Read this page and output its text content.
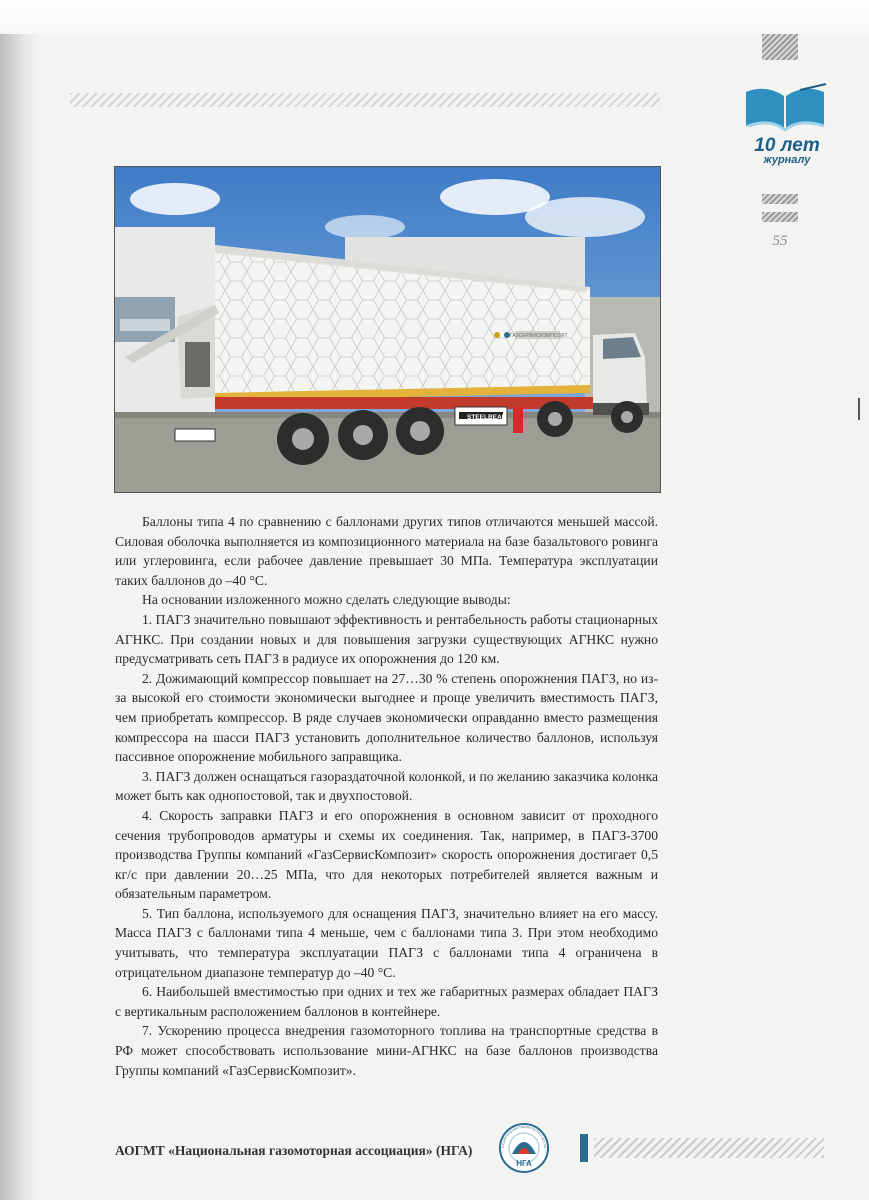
10 лет
журналу
55
STEELBEAR
ГАЗСЕРВИСКОМПОЗИТ

Баллоны типа 4 по сравнению с баллонами других типов отличаются меньшей массой. Силовая оболочка выполняется из композиционного материала на базе базальтового ровинга или углеровинга, если рабочее давление превышает 30 МПа. Температура эксплуатации таких баллонов до –40 °С.

На основании изложенного можно сделать следующие выводы:

1. ПАГЗ значительно повышают эффективность и рентабельность работы стационарных АГНКС. При создании новых и для повышения загрузки существующих АГНКС нужно предусматривать сеть ПАГЗ в радиусе их опорожнения до 120 км.

2. Дожимающий компрессор повышает на 27…30 % степень опорожнения ПАГЗ, но из-за высокой его стоимости экономически выгоднее и проще увеличить вместимость ПАГЗ, чем приобретать компрессор. В ряде случаев экономически оправданно вместо размещения компрессора на шасси ПАГЗ установить дополнительное количество баллонов, используя пассивное опорожнение мобильного заправщика.

3. ПАГЗ должен оснащаться газораздаточной колонкой, и по желанию заказчика колонка может быть как однопостовой, так и двухпостовой.

4. Скорость заправки ПАГЗ и его опорожнения в основном зависит от проходного сечения трубопроводов арматуры и схемы их соединения. Так, например, в ПАГЗ-3700 производства Группы компаний «ГазСервисКомпозит» скорость опорожнения достигает 0,5 кг/с при давлении 20…25 МПа, что для некоторых потребителей является важным и обязательным параметром.

5. Тип баллона, используемого для оснащения ПАГЗ, значительно влияет на его массу. Масса ПАГЗ с баллонами типа 4 меньше, чем с баллонами типа 3. При этом необходимо учитывать, что температура эксплуатации ПАГЗ с баллонами типа 4 ограничена в отрицательном диапазоне температур до –40 °С.

6. Наибольшей вместимостью при одних и тех же габаритных размерах обладает ПАГЗ с вертикальным расположением баллонов в контейнере.

7. Ускорению процесса внедрения газомоторного топлива на транспортные средства в РФ может способствовать использование мини-АГНКС на базе баллонов производства Группы компаний «ГазСервисКомпозит».

АОГМТ «Национальная газомоторная ассоциация» (НГА)
НГА
НАЦИОНАЛЬНАЯ ГАЗОМОТОРНАЯ АССОЦ
